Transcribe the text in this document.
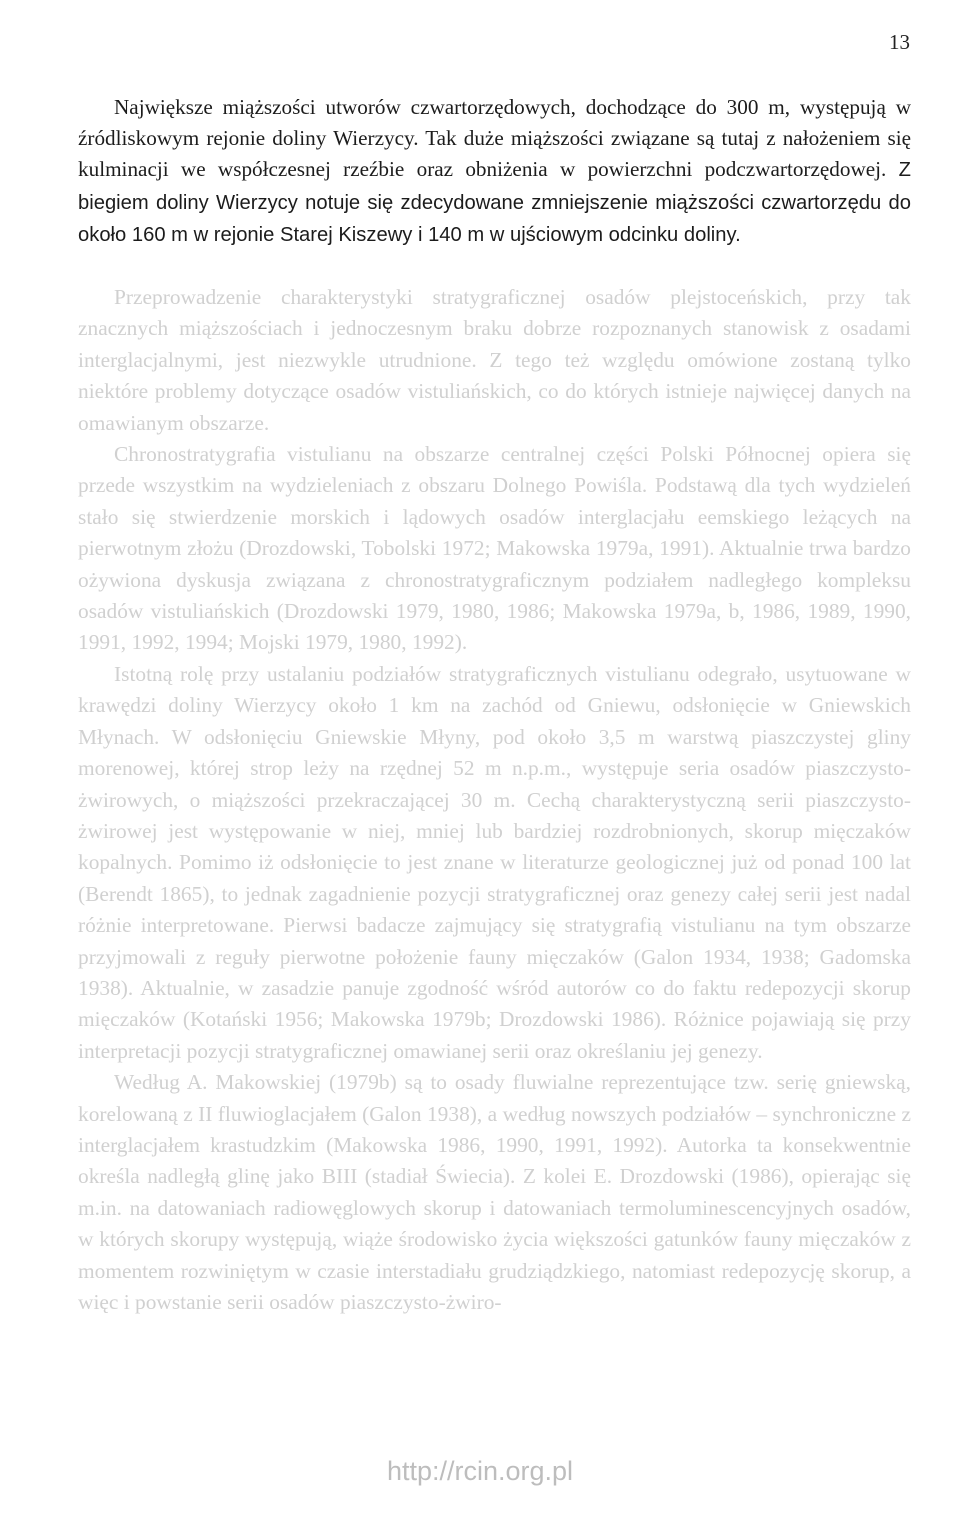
13

Największe miąższości utworów czwartorzędowych, dochodzące do 300 m, występują w źródliskowym rejonie doliny Wierzycy. Tak duże miąższości związane są tutaj z nałożeniem się kulminacji we współczesnej rzeźbie oraz obniżenia w powierzchni podczwartorzędowej. Z biegiem doliny Wierzycy notuje się zdecydowane zmniejszenie miąższości czwartorzędu do około 160 m w rejonie Starej Kiszewy i 140 m w ujściowym odcinku doliny.

Przeprowadzenie charakterystyki stratygraficznej osadów plejstoceńskich, przy tak znacznych miąższościach i jednoczesnym braku dobrze rozpoznanych stanowisk z osadami interglacjalnymi, jest niezwykle utrudnione. Z tego też względu omówione zostaną tylko niektóre problemy dotyczące osadów vistuliańskich, co do których istnieje najwięcej danych na omawianym obszarze.

Chronostratygrafia vistulianu na obszarze centralnej części Polski Północnej opiera się przede wszystkim na wydzieleniach z obszaru Dolnego Powiśla. Podstawą dla tych wydzieleń stało się stwierdzenie morskich i lądowych osadów interglacjału eemskiego leżących na pierwotnym złożu (Drozdowski, Tobolski 1972; Makowska 1979a, 1991). Aktualnie trwa bardzo ożywiona dyskusja związana z chronostratygraficznym podziałem nadległego kompleksu osadów vistuliańskich (Drozdowski 1979, 1980, 1986; Makowska 1979a, b, 1986, 1989, 1990, 1991, 1992, 1994; Mojski 1979, 1980, 1992).

Istotną rolę przy ustalaniu podziałów stratygraficznych vistulianu odegrało, usytuowane w krawędzi doliny Wierzycy około 1 km na zachód od Gniewu, odsłonięcie w Gniewskich Młynach. W odsłonięciu Gniewskie Młyny, pod około 3,5 m warstwą piaszczystej gliny morenowej, której strop leży na rzędnej 52 m n.p.m., występuje seria osadów piaszczysto-żwirowych, o miąższości przekraczającej 30 m. Cechą charakterystyczną serii piaszczysto-żwirowej jest występowanie w niej, mniej lub bardziej rozdrobnionych, skorup mięczaków kopalnych. Pomimo iż odsłonięcie to jest znane w literaturze geologicznej już od ponad 100 lat (Berendt 1865), to jednak zagadnienie pozycji stratygraficznej oraz genezy całej serii jest nadal różnie interpretowane. Pierwsi badacze zajmujący się stratygrafią vistulianu na tym obszarze przyjmowali z reguły pierwotne położenie fauny mięczaków (Galon 1934, 1938; Gadomska 1938). Aktualnie, w zasadzie panuje zgodność wśród autorów co do faktu redepozycji skorup mięczaków (Kotański 1956; Makowska 1979b; Drozdowski 1986). Różnice pojawiają się przy interpretacji pozycji stratygraficznej omawianej serii oraz określaniu jej genezy.

Według A. Makowskiej (1979b) są to osady fluwialne reprezentujące tzw. serię gniewską, korelowaną z II fluwioglacjałem (Galon 1938), a według nowszych podziałów – synchroniczne z interglacjałem krastudzkim (Makowska 1986, 1990, 1991, 1992). Autorka ta konsekwentnie określa nadległą glinę jako BIII (stadiał Świecia). Z kolei E. Drozdowski (1986), opierając się m.in. na datowaniach radiowęglowych skorup i datowaniach termoluminescencyjnych osadów, w których skorupy występują, wiąże środowisko życia większości gatunków fauny mięczaków z momentem rozwiniętym w czasie interstadiału grudziądzkiego, natomiast redepozycję skorup, a więc i powstanie serii osadów piaszczysto-żwiro-

http://rcin.org.pl
